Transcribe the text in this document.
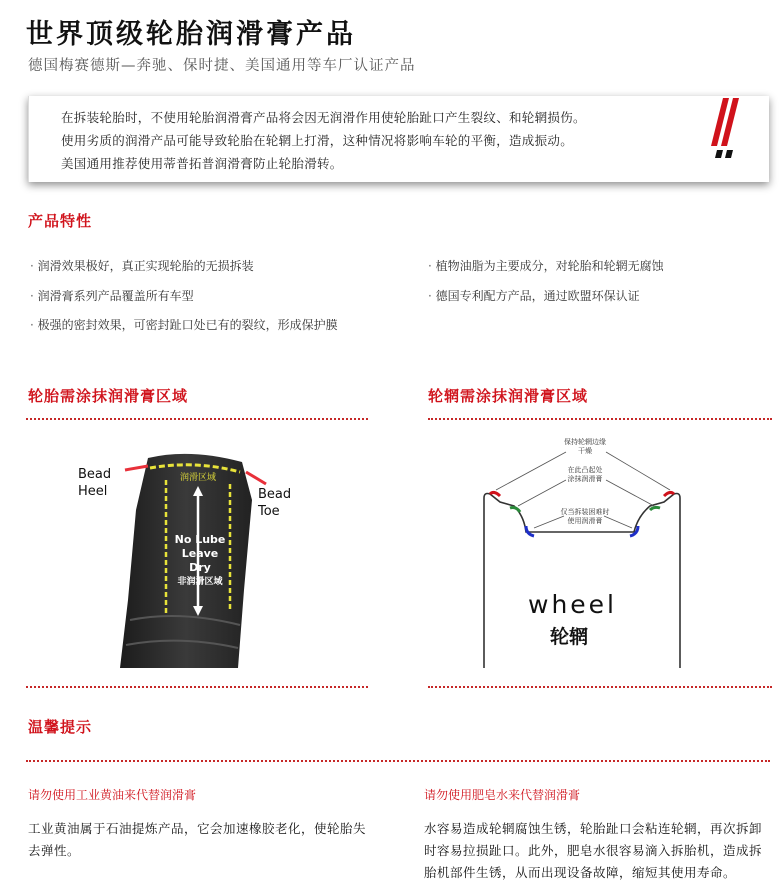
世界顶级轮胎润滑膏产品
德国梅赛德斯—奔驰、保时捷、美国通用等车厂认证产品

在拆装轮胎时，不使用轮胎润滑膏产品将会因无润滑作用使轮胎趾口产生裂纹、和轮辋损伤。

使用劣质的润滑产品可能导致轮胎在轮辋上打滑，这种情况将影响车轮的平衡，造成振动。

美国通用推荐使用蒂普拓普润滑膏防止轮胎滑转。

产品特性
· 润滑效果极好，真正实现轮胎的无损拆装
· 润滑膏系列产品覆盖所有车型
· 极强的密封效果，可密封趾口处已有的裂纹，形成保护膜
· 植物油脂为主要成分，对轮胎和轮辋无腐蚀
· 德国专利配方产品，通过欧盟环保认证
轮胎需涂抹润滑膏区域	轮辋需涂抹润滑膏区域
Bead
Heel	Bead
Toe
润滑区域
No Lube
Leave Dry
非润滑区域
保持轮辋边缘
干燥
在此凸起处
涂抹润滑膏
仅当拆装困难时
使用润滑膏
wheel
轮辋
温馨提示
请勿使用工业黄油来代替润滑膏
工业黄油属于石油提炼产品，它会加速橡胶老化，使轮胎失
去弹性。
请勿使用肥皂水来代替润滑膏
水容易造成轮辋腐蚀生锈，轮胎趾口会粘连轮辋，再次拆卸
时容易拉损趾口。此外，肥皂水很容易滴入拆胎机，造成拆
胎机部件生锈，从而出现设备故障，缩短其使用寿命。
